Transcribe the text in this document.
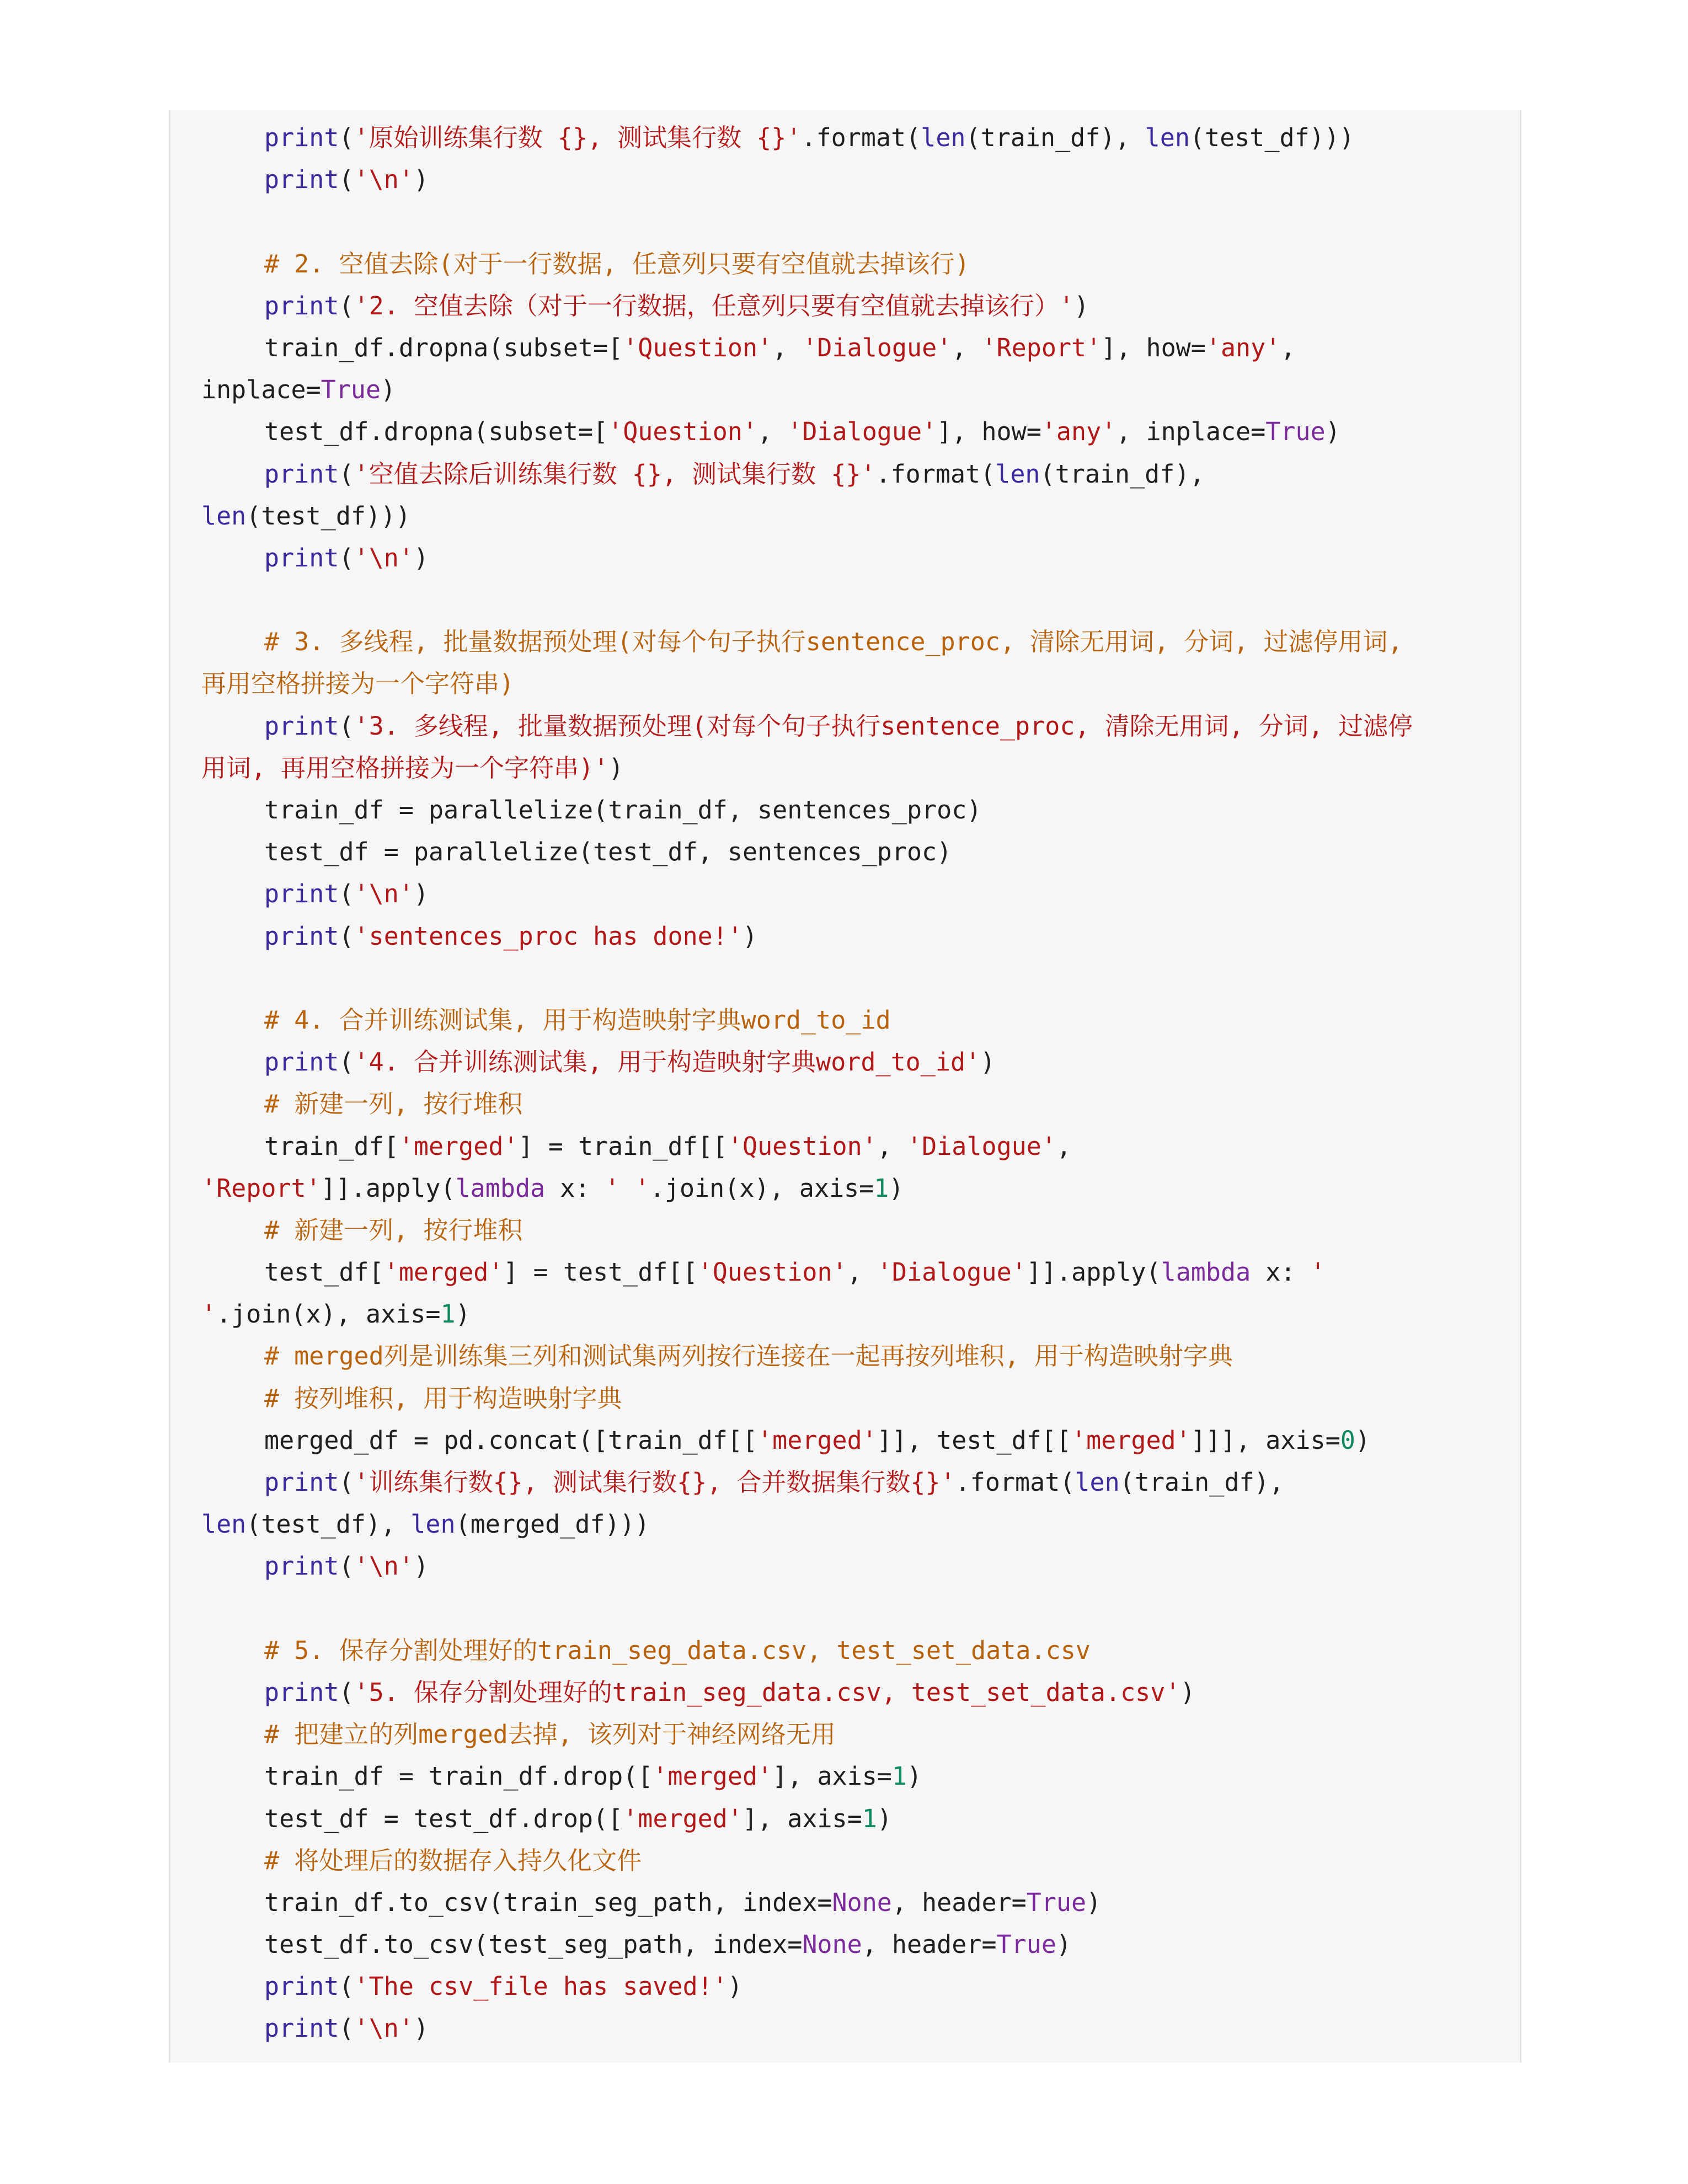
print('原始训练集行数 {}, 测试集行数 {}'.format(len(train_df), len(test_df)))
print('\n')

# 2. 空值去除(对于一行数据, 任意列只要有空值就去掉该行)
print('2. 空值去除（对于一行数据，任意列只要有空值就去掉该行）')
train_df.dropna(subset=['Question', 'Dialogue', 'Report'], how='any',
inplace=True)
test_df.dropna(subset=['Question', 'Dialogue'], how='any', inplace=True)
print('空值去除后训练集行数 {}, 测试集行数 {}'.format(len(train_df),
len(test_df)))
print('\n')

# 3. 多线程, 批量数据预处理(对每个句子执行sentence_proc, 清除无用词, 分词, 过滤停用词,
再用空格拼接为一个字符串)
print('3. 多线程, 批量数据预处理(对每个句子执行sentence_proc, 清除无用词, 分词, 过滤停
用词, 再用空格拼接为一个字符串)')
train_df = parallelize(train_df, sentences_proc)
test_df = parallelize(test_df, sentences_proc)
print('\n')
print('sentences_proc has done!')

# 4. 合并训练测试集, 用于构造映射字典word_to_id
print('4. 合并训练测试集, 用于构造映射字典word_to_id')
# 新建一列, 按行堆积
train_df['merged'] = train_df[['Question', 'Dialogue',
'Report']].apply(lambda x: ' '.join(x), axis=1)
# 新建一列, 按行堆积
test_df['merged'] = test_df[['Question', 'Dialogue']].apply(lambda x: '
'.join(x), axis=1)
# merged列是训练集三列和测试集两列按行连接在一起再按列堆积, 用于构造映射字典
# 按列堆积, 用于构造映射字典
merged_df = pd.concat([train_df[['merged']], test_df[['merged']]], axis=0)
print('训练集行数{}, 测试集行数{}, 合并数据集行数{}'.format(len(train_df),
len(test_df), len(merged_df)))
print('\n')

# 5. 保存分割处理好的train_seg_data.csv, test_set_data.csv
print('5. 保存分割处理好的train_seg_data.csv, test_set_data.csv')
# 把建立的列merged去掉, 该列对于神经网络无用
train_df = train_df.drop(['merged'], axis=1)
test_df = test_df.drop(['merged'], axis=1)
# 将处理后的数据存入持久化文件
train_df.to_csv(train_seg_path, index=None, header=True)
test_df.to_csv(test_seg_path, index=None, header=True)
print('The csv_file has saved!')
print('\n')
